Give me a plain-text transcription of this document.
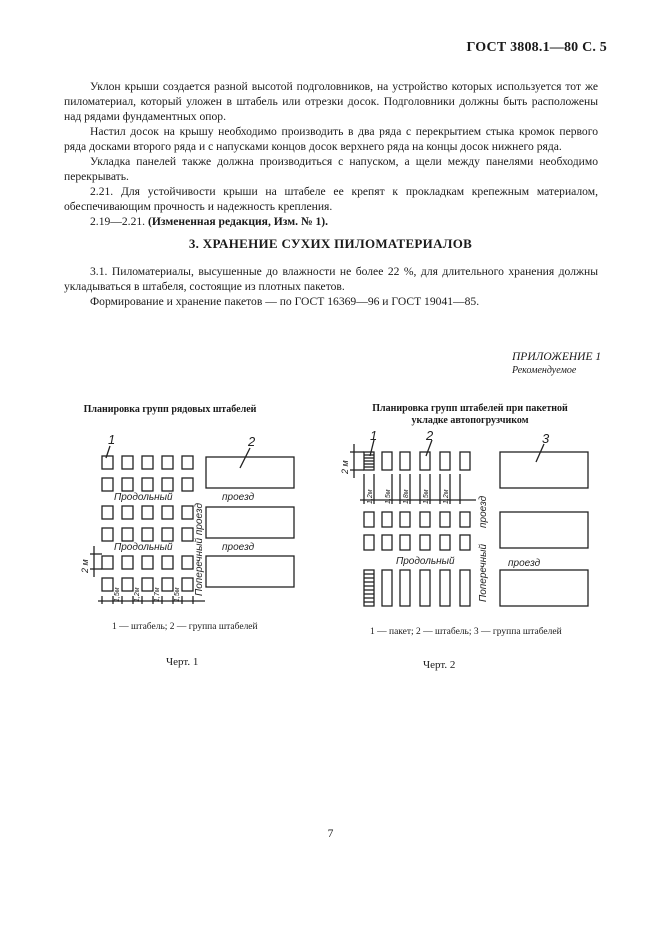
ГОСТ 3808.1—80 С. 5

Уклон крыши создается разной высотой подголовников, на устройство которых используется тот же пиломатериал, который уложен в штабель или отрезки досок. Подголовники должны быть расположены над рядами фундаментных опор.

Настил досок на крышу необходимо производить в два ряда с перекрытием стыка кромок первого ряда досками второго ряда и с напусками концов досок верхнего ряда на концы досок нижнего ряда.

Укладка панелей также должна производиться с напуском, а щели между панелями необходимо перекрывать.

2.21. Для устойчивости крыши на штабеле ее крепят к прокладкам крепежным материалом, обеспечивающим прочность и надежность крепления.

2.19—2.21. (Измененная редакция, Изм. № 1).

3. ХРАНЕНИЕ СУХИХ ПИЛОМАТЕРИАЛОВ

3.1. Пиломатериалы, высушенные до влажности не более 22 %, для длительного хранения должны укладываться в штабеля, состоящие из плотных пакетов.

Формирование и хранение пакетов — по ГОСТ 16369—96 и ГОСТ 19041—85.

ПРИЛОЖЕНИЕ 1
Рекомендуемое
Планировка групп рядовых штабелей
1	2
Продольный
Продольный
проезд
проезд
Поперечный проезд
2 м
1,5м 1,2м 1,7м 1,5м
1 — штабель; 2 — группа штабелей
Черт. 1
Планировка групп штабелей при пакетной
укладке автопогрузчиком
1	2	3
Продольный	проезд
Поперечный
проезд
2 м
1,2м 1,5м 1,8м 1,5м 1,2м
1 — пакет; 2 — штабель; 3 — группа штабелей
Черт. 2
7
